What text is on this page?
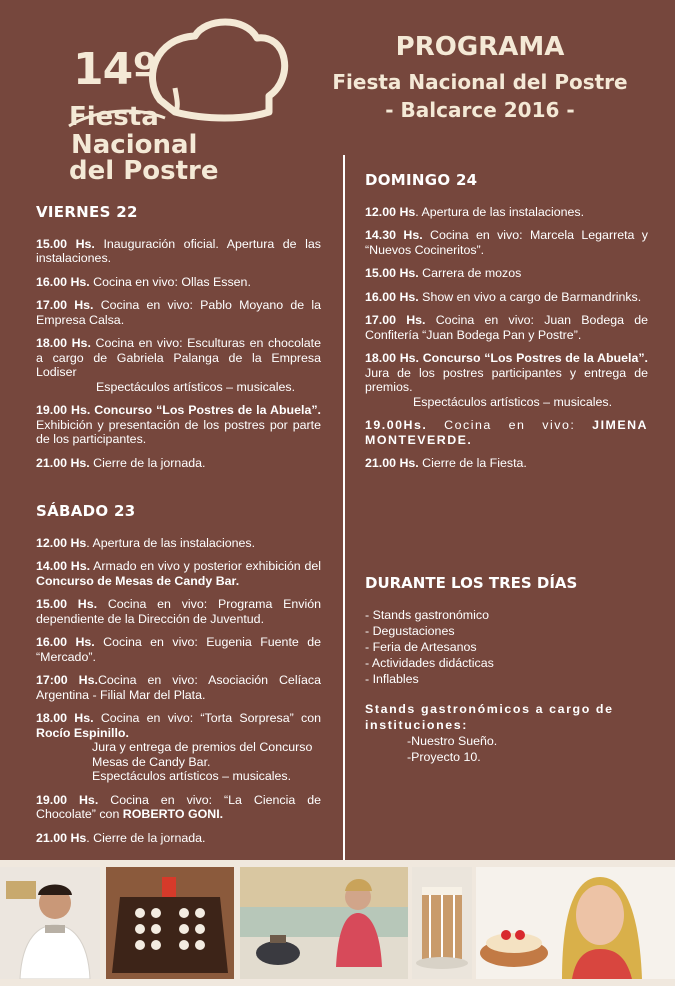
14º
Fiesta
Nacional
del Postre
PROGRAMA
Fiesta Nacional del Postre
- Balcarce 2016 -
VIERNES 22
15.00 Hs. Inauguración oficial. Apertura de las instalaciones.
16.00 Hs. Cocina en vivo: Ollas Essen.
17.00 Hs. Cocina en vivo: Pablo Moyano de la Empresa Calsa.
18.00 Hs. Cocina en vivo: Esculturas en chocolate a cargo de Gabriela Palanga de la Empresa Lodiser
Espectáculos artísticos – musicales.
19.00 Hs. Concurso “Los Postres de la Abuela”. Exhibición y presentación de los postres por parte de los participantes.
21.00 Hs. Cierre de la jornada.
SÁBADO 23
12.00 Hs. Apertura de las instalaciones.
14.00 Hs. Armado en vivo y posterior exhibición del Concurso de Mesas de Candy Bar.
15.00 Hs. Cocina en vivo: Programa Envión dependiente de la Dirección de Juventud.
16.00 Hs. Cocina en vivo: Eugenia Fuente de “Mercado”.
17:00 Hs.Cocina en vivo: Asociación Celíaca Argentina - Filial Mar del Plata.
18.00 Hs. Cocina en vivo: “Torta Sorpresa” con Rocío Espinillo.
Jura y entrega de premios del Concurso Mesas de Candy Bar.
Espectáculos artísticos – musicales.
19.00 Hs. Cocina en vivo: “La Ciencia de Chocolate” con ROBERTO GONI.
21.00 Hs. Cierre de la jornada.
DOMINGO 24
12.00 Hs. Apertura de las instalaciones.
14.30 Hs. Cocina en vivo: Marcela Legarreta y “Nuevos Cocineritos”.
15.00 Hs. Carrera de mozos
16.00 Hs. Show en vivo a cargo de Barmandrinks.
17.00 Hs. Cocina en vivo: Juan Bodega de Confitería “Juan Bodega Pan y Postre”.
18.00 Hs. Concurso “Los Postres de la Abuela”. Jura de los postres participantes y entrega de premios.
Espectáculos artísticos – musicales.
19.00Hs. Cocina en vivo: JIMENA MONTEVERDE.
21.00 Hs. Cierre de la Fiesta.
DURANTE LOS TRES DÍAS
- Stands gastronómico
- Degustaciones
- Feria de Artesanos
- Actividades didácticas
- Inflables
Stands gastronómicos a cargo de instituciones:
-Nuestro Sueño.
-Proyecto 10.
